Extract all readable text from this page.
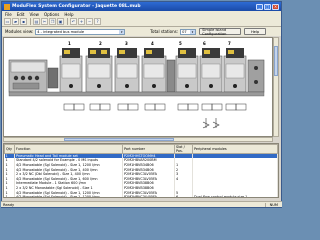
ModuFlex System Configurator - Jaquette 08L.mub	_	□	×
File Edit View Options Help
▭	▰	▪	▤	✂	❐	▣	↶	+	−	?
Modules view: 4 - integrated bus module	▾	Total stations: 07	▾	Simple Island Configuration	Help
1	2	3	4	5	6	7
Qty	Function	Part number	Slot / Pos.	Peripheral modules
1	Pneumatic Head and Tail module set	P2M2HHSTOOMH4		
1	Standard 4/2 solenoid for Example - 0 MS inputs	P2M2HBVAR200BM		
1	4/2 Monostable (Sgl Solenoid) - Size 1, 1200 l/mn	P2M1HBVB34B06	1	
1	4/2 Monostable (Sgl Solenoid) - Size 1, 400 l/mn	P2M1HBVB34B06	2	
1	2 x 3/2 NC (Dbl Solenoid) - Size 1, 400 l/mn	P2M1HBVC3LV05FA	3	
1	4/2 Monostable (Sgl Solenoid) - Size 1, 600 l/mn	P2M2HBVC3LV05FA	4	
1	Intermediate Module - 1 Station 600 l/mn	P2M2HBVB38B06		
1	2 x 3/2 NC Monostable (Sgl Solenoid) - Size 1	P2M2HBVB38B06		
1	4/2 Monostable (Sgl Solenoid) - Size 1, 1200 l/mn	P2M1HBVC3LV05FA	5	
1	4/2 Monostable (Sgl Solenoid) - Size 1, 1200 l/mn	P2M2HBVC3LV05FA	6	Dual flow control module size 1

Ready	NUM
